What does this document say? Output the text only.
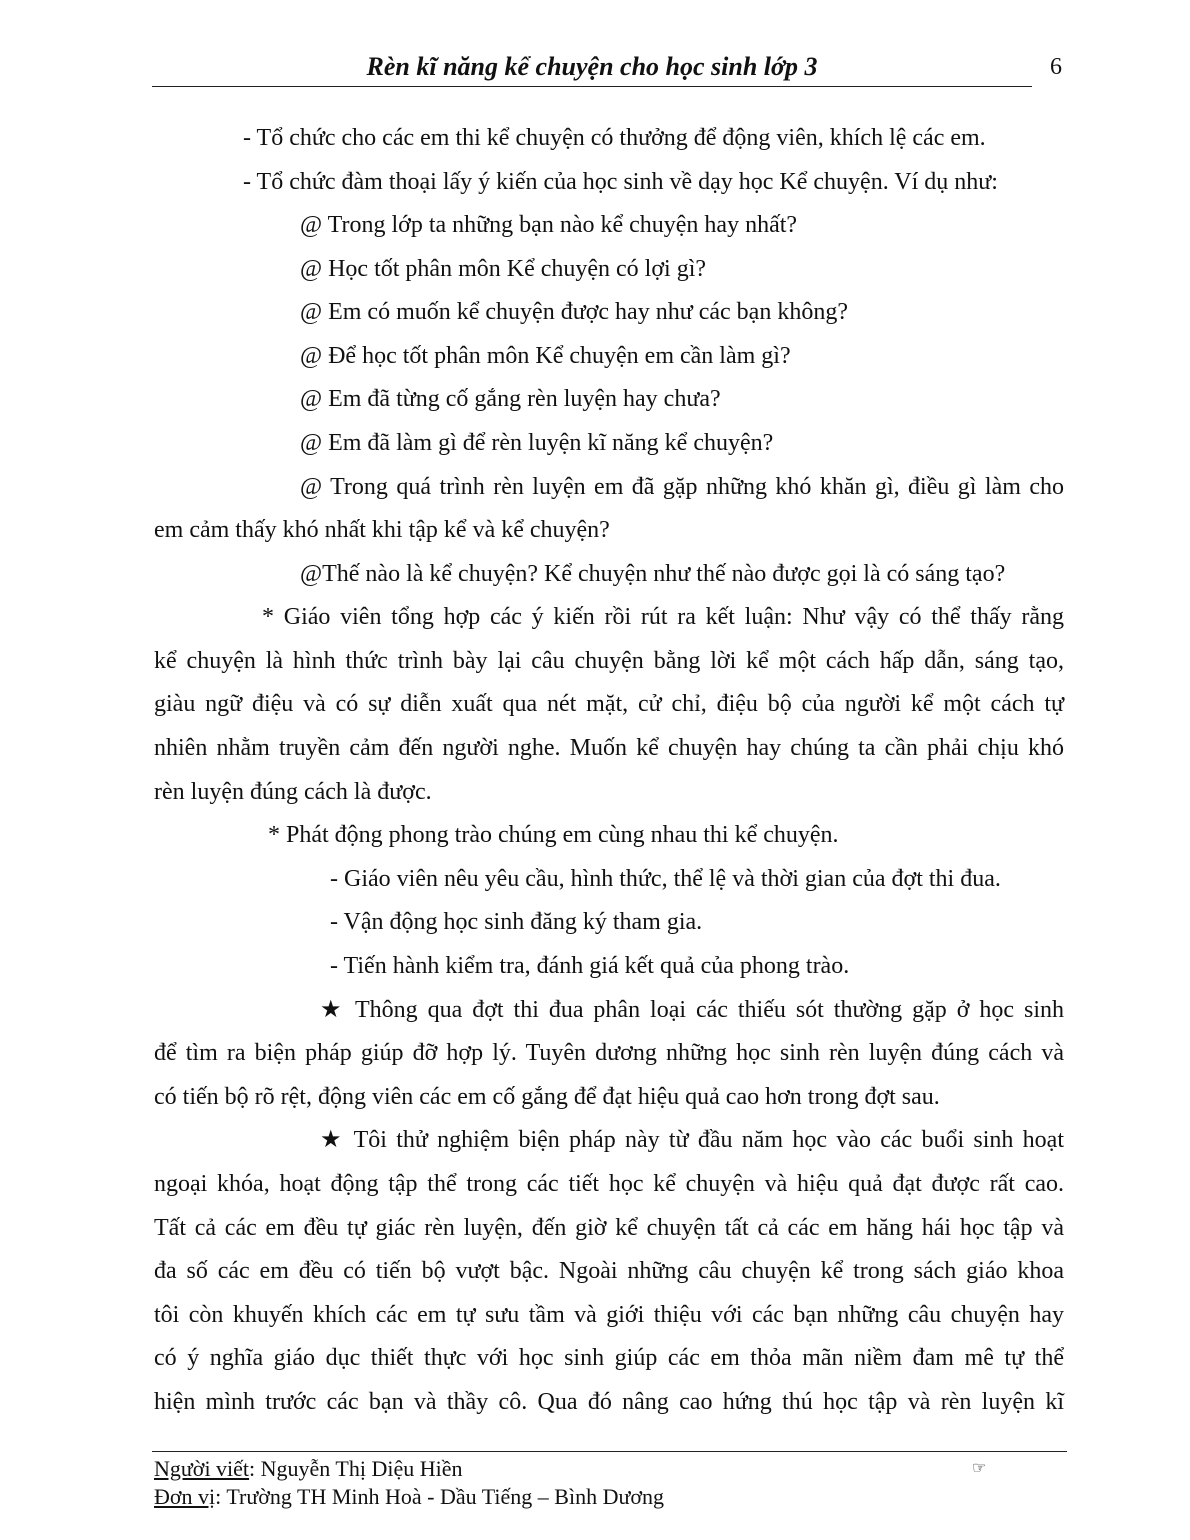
Rèn kĩ năng kể chuyện cho học sinh lớp 3	6
- Tổ chức cho các em thi kể chuyện có thưởng để động viên, khích lệ các em.
- Tổ chức đàm thoại lấy ý kiến của học sinh về dạy học Kể chuyện. Ví dụ như:
@ Trong lớp ta những bạn nào kể chuyện hay nhất?
@ Học tốt phân môn Kể chuyện có lợi gì?
@ Em có muốn kể chuyện được hay như các bạn không?
@ Để học tốt phân môn Kể chuyện em cần làm gì?
@ Em đã từng cố gắng rèn luyện hay chưa?
@ Em đã làm gì để rèn luyện kĩ năng kể chuyện?
@ Trong quá trình rèn luyện em đã gặp những khó khăn gì, điều gì làm cho
em cảm thấy khó nhất khi tập kể và kể chuyện?
@Thế nào là kể chuyện? Kể chuyện như thế nào được gọi là có sáng tạo?
* Giáo viên tổng hợp các ý kiến rồi rút ra kết luận: Như vậy có thể thấy rằng
kể chuyện là hình thức trình bày lại câu chuyện bằng lời kể một cách hấp dẫn, sáng tạo,
giàu ngữ điệu và có sự diễn xuất qua nét mặt, cử chỉ, điệu bộ của người kể một cách tự
nhiên nhằm truyền cảm đến người nghe. Muốn kể chuyện hay chúng ta cần phải chịu khó
rèn luyện đúng cách là được.
* Phát động phong trào chúng em cùng nhau thi kể chuyện.
- Giáo viên nêu yêu cầu, hình thức, thể lệ và thời gian của đợt thi đua.
- Vận động học sinh đăng ký tham gia.
- Tiến hành kiểm tra, đánh giá kết quả của phong trào.
★ Thông qua đợt thi đua phân loại các thiếu sót thường gặp ở học sinh
để tìm ra biện pháp giúp đỡ hợp lý. Tuyên dương những học sinh rèn luyện đúng cách và
có tiến bộ rõ rệt, động viên các em cố gắng để đạt hiệu quả cao hơn trong đợt sau.
★ Tôi thử nghiệm biện pháp này từ đầu năm học vào các buổi sinh hoạt
ngoại khóa, hoạt động tập thể trong các tiết học kể chuyện và hiệu quả đạt được rất cao.
Tất cả các em đều tự giác rèn luyện, đến giờ kể chuyện tất cả các em hăng hái học tập và
đa số các em đều có tiến bộ vượt bậc. Ngoài những câu chuyện kể trong sách giáo khoa
tôi còn khuyến khích các em tự sưu tầm và giới thiệu với các bạn những câu chuyện hay
có ý nghĩa giáo dục thiết thực với học sinh giúp các em thỏa mãn niềm đam mê tự thể
hiện mình trước các bạn và thầy cô. Qua đó nâng cao hứng thú học tập và rèn luyện kĩ
Người viết: Nguyễn Thị Diệu Hiền	☞
Đơn vị: Trường TH Minh Hoà - Dầu Tiếng – Bình Dương
